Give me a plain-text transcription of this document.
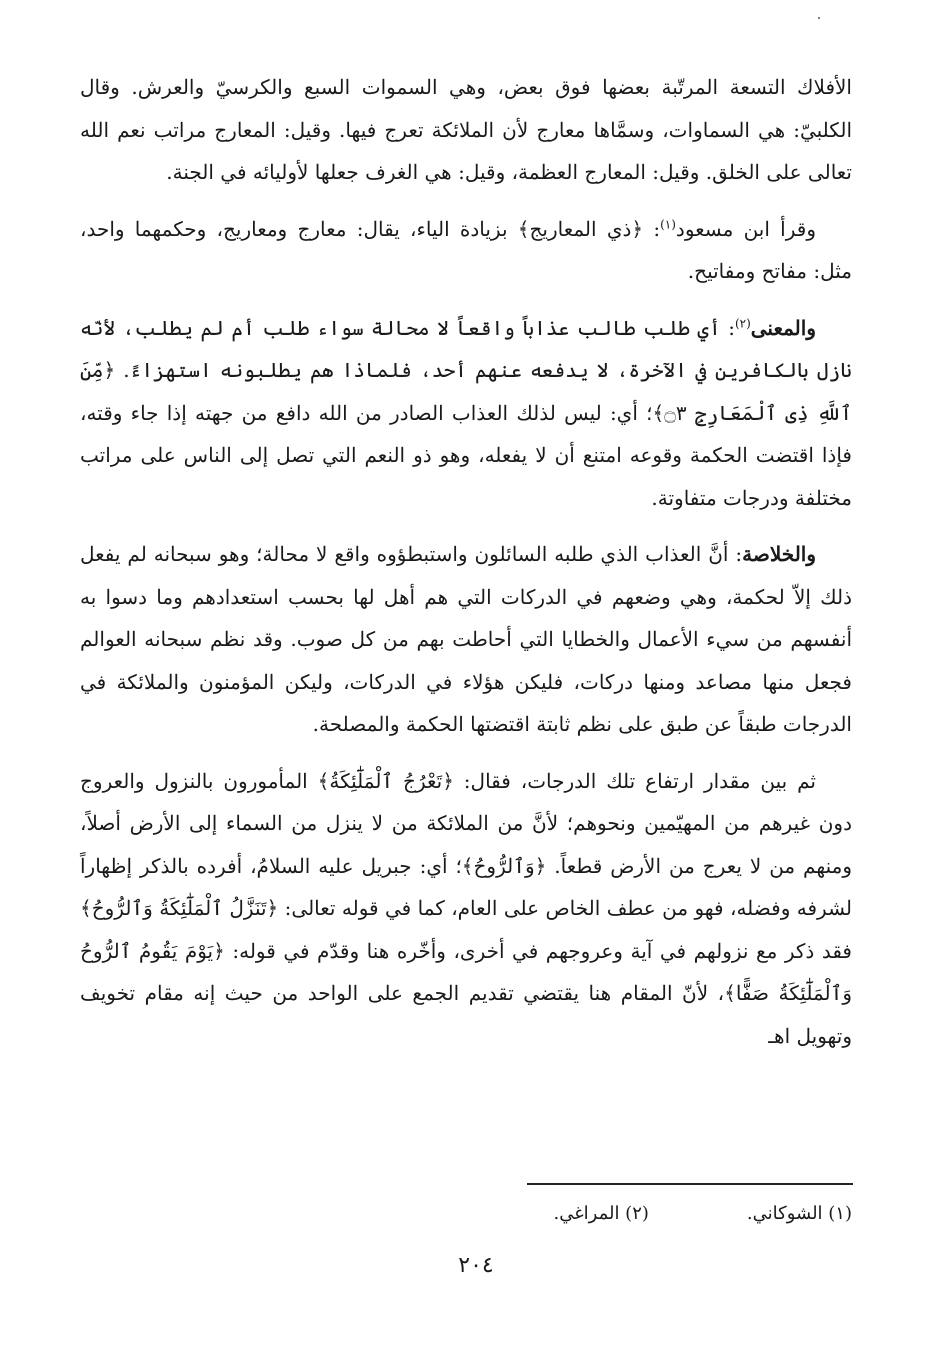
الأفلاك التسعة المرتّبة بعضها فوق بعض، وهي السموات السبع والكرسيّ والعرش. وقال الكلبيّ: هي السماوات، وسمَّاها معارج لأن الملائكة تعرج فيها. وقيل: المعارج مراتب نعم الله تعالى على الخلق. وقيل: المعارج العظمة، وقيل: هي الغرف جعلها لأوليائه في الجنة.

وقرأ ابن مسعود$^{(١)}$: ﴿ذي المعاريج﴾ بزيادة الياء، يقال: معارج ومعاريج، وحكمهما واحد، مثل: مفاتح ومفاتيح.

والمعنى$^{(٢)}$: أي طلب طالب عذاباً واقعاً لا محالة سواء طلب أم لم يطلب، لأنّه نازل بالكافرين في الآخرة، لا يدفعه عنهم أحد، فلماذا هم يطلبونه استهزاءً. ﴿مِّنَ ٱللَّهِ ذِى ٱلْمَعَارِجِ ۝٣﴾؛ أي: ليس لذلك العذاب الصادر من الله دافع من جهته إذا جاء وقته، فإذا اقتضت الحكمة وقوعه امتنع أن لا يفعله، وهو ذو النعم التي تصل إلى الناس على مراتب مختلفة ودرجات متفاوتة.

والخلاصة: أنَّ العذاب الذي طلبه السائلون واستبطؤوه واقع لا محالة؛ وهو سبحانه لم يفعل ذلك إلاّ لحكمة، وهي وضعهم في الدركات التي هم أهل لها بحسب استعدادهم وما دسوا به أنفسهم من سيء الأعمال والخطايا التي أحاطت بهم من كل صوب. وقد نظم سبحانه العوالم فجعل منها مصاعد ومنها دركات، فليكن هؤلاء في الدركات، وليكن المؤمنون والملائكة في الدرجات طبقاً عن طبق على نظم ثابتة اقتضتها الحكمة والمصلحة.

ثم بين مقدار ارتفاع تلك الدرجات، فقال: ﴿تَعْرُجُ ٱلْمَلَٰٓئِكَةُ﴾ المأمورون بالنزول والعروج دون غيرهم من المهيّمين ونحوهم؛ لأنَّ من الملائكة من لا ينزل من السماء إلى الأرض أصلاً، ومنهم من لا يعرج من الأرض قطعاً. ﴿وَٱلرُّوحُ﴾؛ أي: جبريل عليه السلامُ، أفرده بالذكر إظهاراً لشرفه وفضله، فهو من عطف الخاص على العام، كما في قوله تعالى: ﴿تَنَزَّلُ ٱلْمَلَٰٓئِكَةُ وَٱلرُّوحُ﴾ فقد ذكر مع نزولهم في آية وعروجهم في أخرى، وأخّره هنا وقدّم في قوله: ﴿يَوْمَ يَقُومُ ٱلرُّوحُ وَٱلْمَلَٰٓئِكَةُ صَفًّا﴾، لأنّ المقام هنا يقتضي تقديم الجمع على الواحد من حيث إنه مقام تخويف وتهويل اهـ

(١) الشوكاني.(٢) المراغي.
٢٠٤
